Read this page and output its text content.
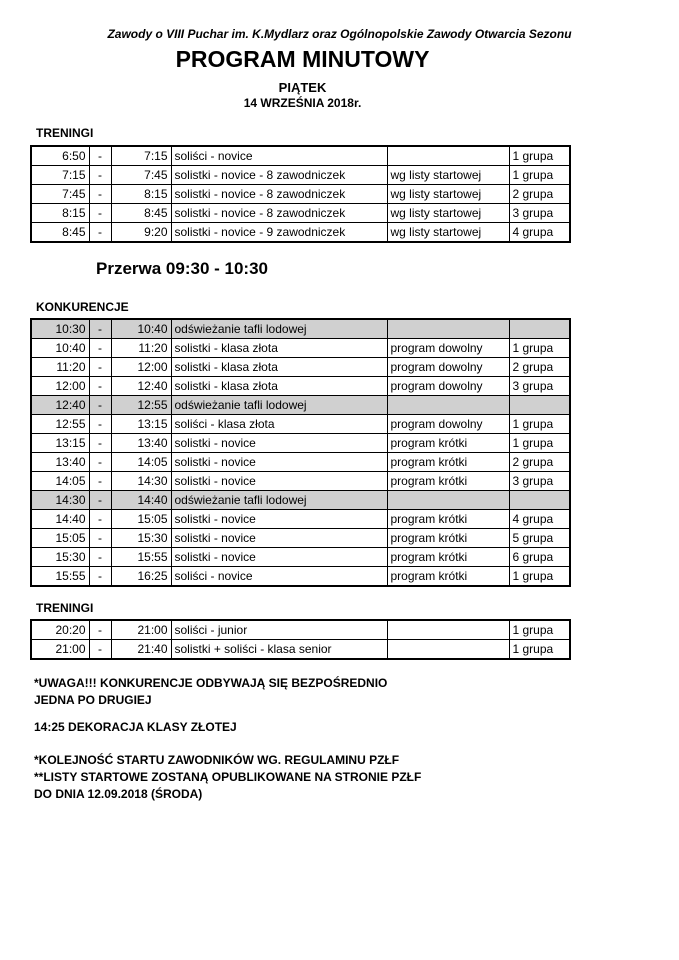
Zawody o VIII Puchar im. K.Mydlarz oraz Ogólnopolskie Zawody Otwarcia Sezonu
PROGRAM MINUTOWY
PIĄTEK
14 WRZEŚNIA 2018r.
TRENINGI
6:50	-	7:15	soliści - novice		1 grupa
7:15	-	7:45	solistki - novice - 8 zawodniczek	wg listy startowej	1 grupa
7:45	-	8:15	solistki - novice - 8 zawodniczek	wg listy startowej	2 grupa
8:15	-	8:45	solistki - novice - 8 zawodniczek	wg listy startowej	3 grupa
8:45	-	9:20	solistki - novice - 9 zawodniczek	wg listy startowej	4 grupa
Przerwa 09:30 - 10:30
KONKURENCJE
10:30	-	10:40	odświeżanie tafli lodowej		
10:40	-	11:20	solistki - klasa złota	program dowolny	1 grupa
11:20	-	12:00	solistki - klasa złota	program dowolny	2 grupa
12:00	-	12:40	solistki - klasa złota	program dowolny	3 grupa
12:40	-	12:55	odświeżanie tafli lodowej		
12:55	-	13:15	soliści - klasa złota	program dowolny	1 grupa
13:15	-	13:40	solistki - novice	program krótki	1 grupa
13:40	-	14:05	solistki - novice	program krótki	2 grupa
14:05	-	14:30	solistki - novice	program krótki	3 grupa
14:30	-	14:40	odświeżanie tafli lodowej		
14:40	-	15:05	solistki - novice	program krótki	4 grupa
15:05	-	15:30	solistki - novice	program krótki	5 grupa
15:30	-	15:55	solistki - novice	program krótki	6 grupa
15:55	-	16:25	soliści - novice	program krótki	1 grupa
TRENINGI
20:20	-	21:00	soliści - junior		1 grupa
21:00	-	21:40	solistki + soliści - klasa senior		1 grupa
*UWAGA!!! KONKURENCJE ODBYWAJĄ SIĘ BEZPOŚREDNIO
JEDNA PO DRUGIEJ
14:25 DEKORACJA KLASY ZŁOTEJ
*KOLEJNOŚĆ STARTU ZAWODNIKÓW WG. REGULAMINU PZŁF
**LISTY STARTOWE ZOSTANĄ OPUBLIKOWANE NA STRONIE PZŁF
DO DNIA 12.09.2018 (ŚRODA)
